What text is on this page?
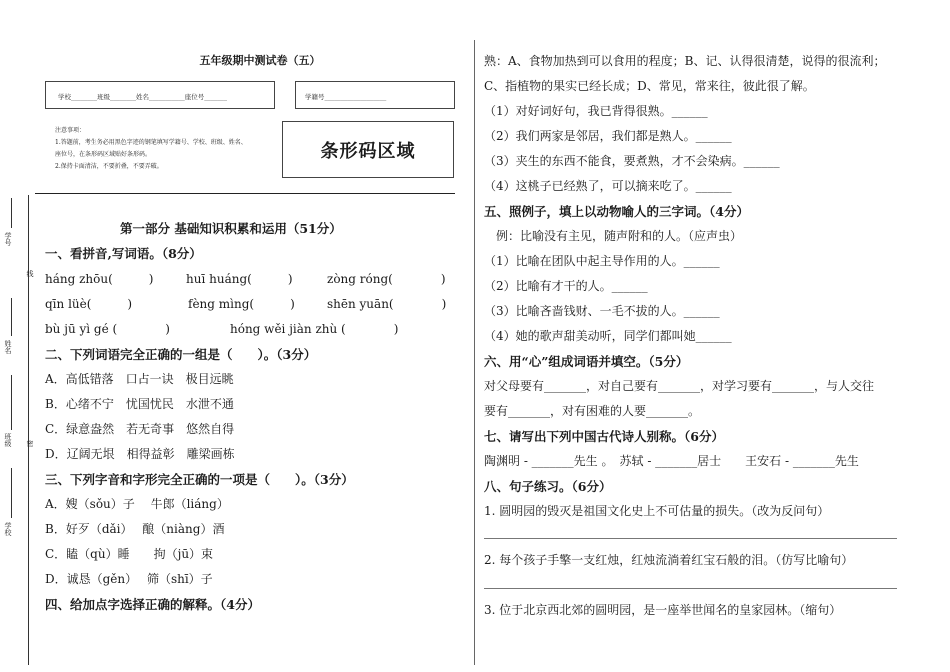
学号
线
姓名
班级 密
学校
五年级期中测试卷（五）
学校________班级________姓名___________座位号_______	学籍号___________________
注意事项：
1.答题前，考生务必用黑色字迹的钢笔填写学籍号、学校、班级、姓名、
座位号，在条形码区域贴好条形码。
2.保持卡面清洁，不要折叠，不要弄破。
条形码区域
第一部分 基础知识积累和运用（51分）
一、看拼音,写词语。（8分）
háng zhōu(　　　)	huī huáng(　　　)	zòng róng(　　　　)
qīn lüè(　　　)	fèng mìng(　　　)	shēn yuān(　　　　)
bù jū yì gé (　　　　)	hóng wěi jiàn zhù (　　　　)
二、下列词语完全正确的一组是（　　）。（3分）
A．高低错落　口占一诀　极目远眺
B．心绪不宁　忧国忧民　水泄不通
C．绿意盎然　若无奇事　悠然自得
D．辽阔无垠　相得益彰　雕梁画栋
三、下列字音和字形完全正确的一项是（　　）。（3分）
A．嫂（sǒu）子　 牛郎（liáng）
B．好歹（dǎi）　 酿（niàng）酒
C．瞌（qù）睡　　拘（jū）束
D．诚恳（gěn）　 筛（shī）子
四、给加点字选择正确的解释。（4分）
熟：A、食物加热到可以食用的程度；B、记、认得很清楚，说得的很流利；
C、指植物的果实已经长成；D、常见，常来往，彼此很了解。
（1）对好词好句，我已背得很熟。______
（2）我们两家是邻居，我们都是熟人。______
（3）夹生的东西不能食，要煮熟，才不会染病。______
（4）这桃子已经熟了，可以摘来吃了。______
五、照例子，填上以动物喻人的三字词。（4分）
例：比喻没有主见，随声附和的人。（应声虫）
（1）比喻在团队中起主导作用的人。______
（2）比喻有才干的人。______
（3）比喻吝啬钱财、一毛不拔的人。______
（4）她的歌声甜美动听，同学们都叫她______
六、用“心”组成词语并填空。（5分）
对父母要有_______，对自己要有_______，对学习要有_______，与人交往
要有_______，对有困难的人要_______。
七、请写出下列中国古代诗人别称。（6分）
陶渊明 - _______先生 。　苏轼 - _______居士　　王安石 - _______先生
八、句子练习。（6分）
1. 圆明园的毁灭是祖国文化史上不可估量的损失。（改为反问句）
2. 每个孩子手擎一支红烛，红烛流淌着红宝石般的泪。（仿写比喻句）
3. 位于北京西北郊的圆明园，是一座举世闻名的皇家园林。（缩句）
